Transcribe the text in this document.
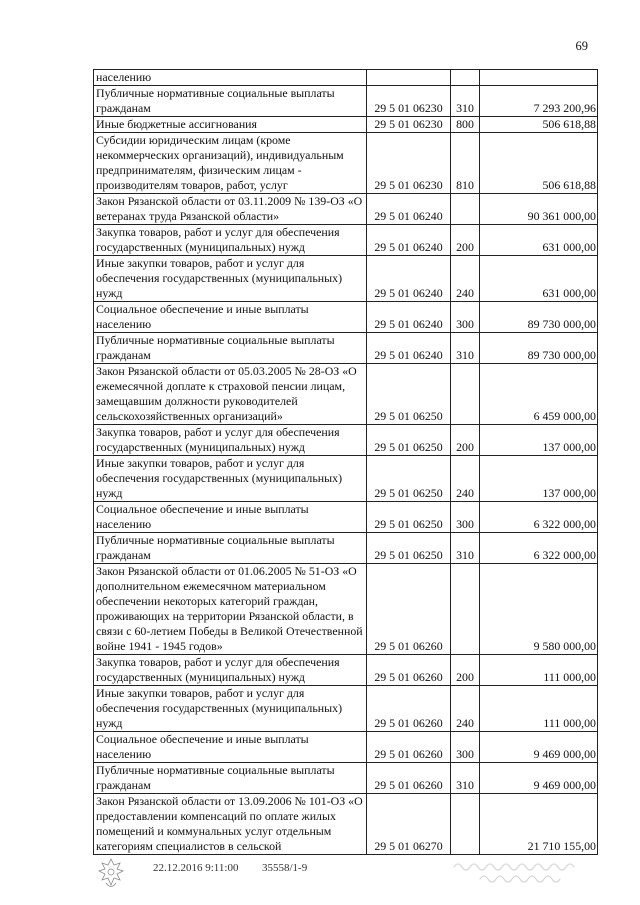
69
населению			
Публичные нормативные социальные выплаты гражданам	29 5 01 06230	310	7 293 200,96
Иные бюджетные ассигнования	29 5 01 06230	800	506 618,88
Субсидии юридическим лицам (кроме некоммерческих организаций), индивидуальным предпринимателям, физическим лицам - производителям товаров, работ, услуг	29 5 01 06230	810	506 618,88
Закон Рязанской области от 03.11.2009 № 139-ОЗ «О ветеранах труда Рязанской области»	29 5 01 06240		90 361 000,00
Закупка товаров, работ и услуг для обеспечения государственных (муниципальных) нужд	29 5 01 06240	200	631 000,00
Иные закупки товаров, работ и услуг для обеспечения государственных (муниципальных) нужд	29 5 01 06240	240	631 000,00
Социальное обеспечение и иные выплаты населению	29 5 01 06240	300	89 730 000,00
Публичные нормативные социальные выплаты гражданам	29 5 01 06240	310	89 730 000,00
Закон Рязанской области от 05.03.2005 № 28-ОЗ «О ежемесячной доплате к страховой пенсии лицам, замещавшим должности руководителей сельскохозяйственных организаций»	29 5 01 06250		6 459 000,00
Закупка товаров, работ и услуг для обеспечения государственных (муниципальных) нужд	29 5 01 06250	200	137 000,00
Иные закупки товаров, работ и услуг для обеспечения государственных (муниципальных) нужд	29 5 01 06250	240	137 000,00
Социальное обеспечение и иные выплаты населению	29 5 01 06250	300	6 322 000,00
Публичные нормативные социальные выплаты гражданам	29 5 01 06250	310	6 322 000,00
Закон Рязанской области от 01.06.2005 № 51-ОЗ «О дополнительном ежемесячном материальном обеспечении некоторых категорий граждан, проживающих на территории Рязанской области, в связи с 60-летием Победы в Великой Отечественной войне 1941 - 1945 годов»	29 5 01 06260		9 580 000,00
Закупка товаров, работ и услуг для обеспечения государственных (муниципальных) нужд	29 5 01 06260	200	111 000,00
Иные закупки товаров, работ и услуг для обеспечения государственных (муниципальных) нужд	29 5 01 06260	240	111 000,00
Социальное обеспечение и иные выплаты населению	29 5 01 06260	300	9 469 000,00
Публичные нормативные социальные выплаты гражданам	29 5 01 06260	310	9 469 000,00
Закон Рязанской области от 13.09.2006 № 101-ОЗ «О предоставлении компенсаций по оплате жилых помещений и коммунальных услуг отдельным категориям специалистов в сельской	29 5 01 06270		21 710 155,00
22.12.2016 9:11:00 35558/1-9
